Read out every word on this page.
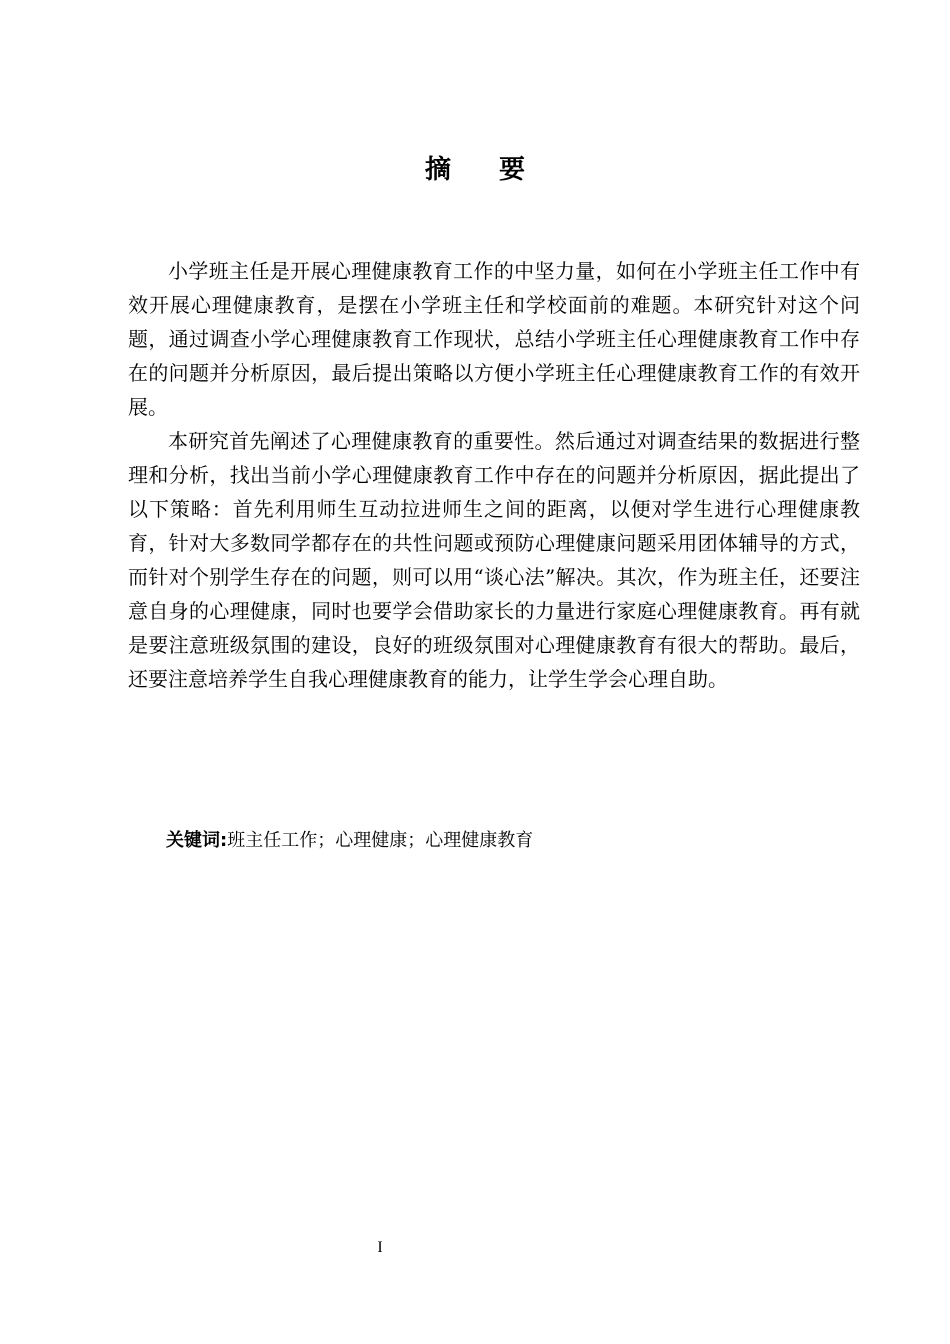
摘要

小学班主任是开展心理健康教育工作的中坚力量，如何在小学班主任工作中有效开展心理健康教育，是摆在小学班主任和学校面前的难题。本研究针对这个问题，通过调查小学心理健康教育工作现状，总结小学班主任心理健康教育工作中存在的问题并分析原因，最后提出策略以方便小学班主任心理健康教育工作的有效开展。

本研究首先阐述了心理健康教育的重要性。然后通过对调查结果的数据进行整理和分析，找出当前小学心理健康教育工作中存在的问题并分析原因，据此提出了以下策略：首先利用师生互动拉进师生之间的距离，以便对学生进行心理健康教育，针对大多数同学都存在的共性问题或预防心理健康问题采用团体辅导的方式，而针对个别学生存在的问题，则可以用“谈心法”解决。其次，作为班主任，还要注意自身的心理健康，同时也要学会借助家长的力量进行家庭心理健康教育。再有就是要注意班级氛围的建设，良好的班级氛围对心理健康教育有很大的帮助。最后，还要注意培养学生自我心理健康教育的能力，让学生学会心理自助。

关键词:班主任工作；心理健康；心理健康教育
I
